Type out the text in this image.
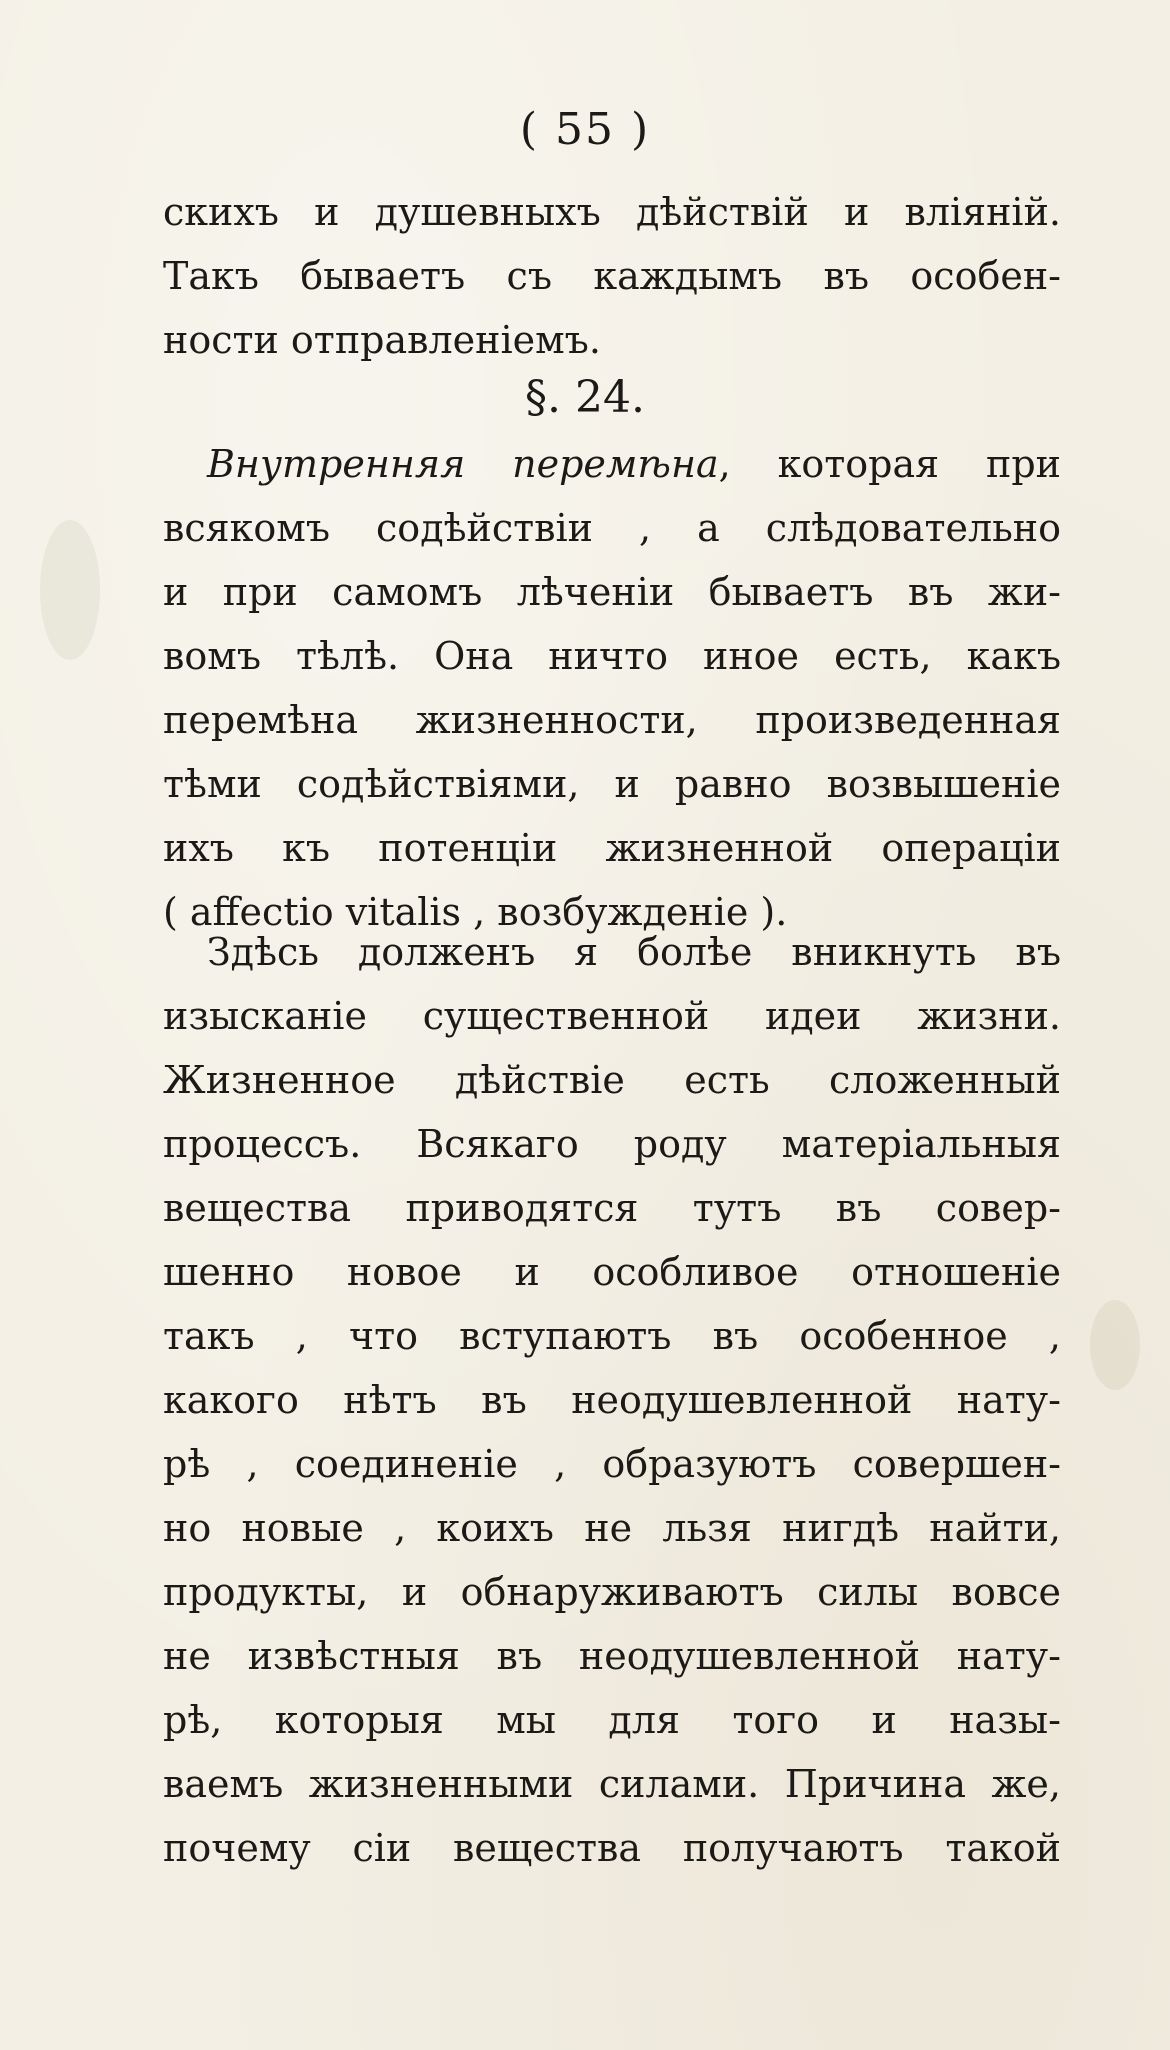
( 55 )
скихъ и душевныхъ дѣйствій и вліяній.
Такъ бываетъ съ каждымъ въ особен-
ности отправленіемъ.
§. 24.
Внутренняя перемѣна, которая при
всякомъ содѣйствіи , а слѣдовательно
и при самомъ лѣченіи бываетъ въ жи-
вомъ тѣлѣ. Она ничто иное есть, какъ
перемѣна жизненности, произведенная
тѣми содѣйствіями, и равно возвышеніе
ихъ къ потенціи жизненной операціи
( affectio vitalis , возбужденіе ).
Здѣсь долженъ я болѣе вникнуть въ
изысканіе существенной идеи жизни.
Жизненное дѣйствіе есть сложенный
процессъ. Всякаго роду матеріальныя
вещества приводятся тутъ въ совер-
шенно новое и особливое отношеніе
такъ , что вступаютъ въ особенное ,
какого нѣтъ въ неодушевленной нату-
рѣ , соединеніе , образуютъ совершен-
но новые , коихъ не льзя нигдѣ найти,
продукты, и обнаруживаютъ силы вовсе
не извѣстныя въ неодушевленной нату-
рѣ, которыя мы для того и назы-
ваемъ жизненными силами. Причина же,
почему сіи вещества получаютъ такой
